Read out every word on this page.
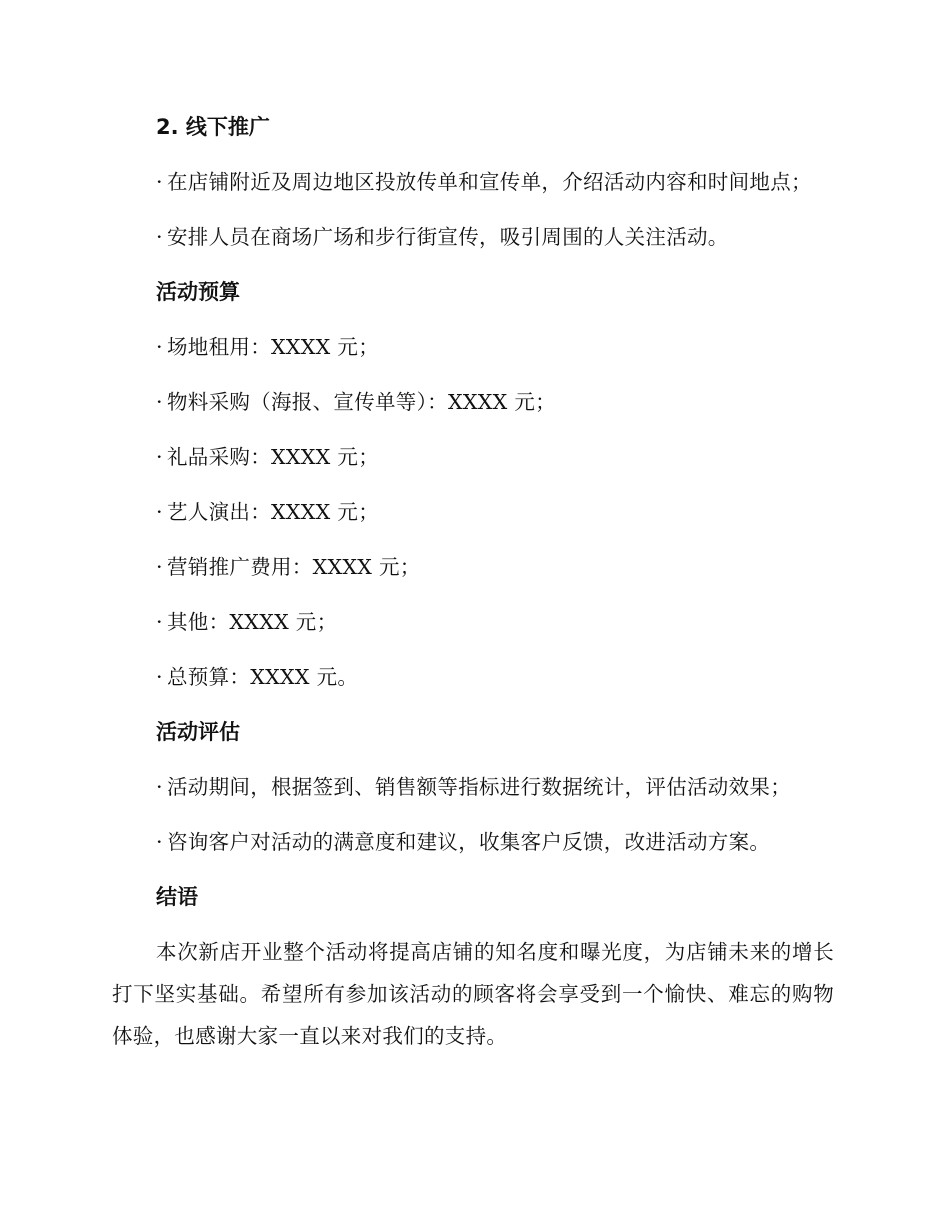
2. 线下推广
· 在店铺附近及周边地区投放传单和宣传单，介绍活动内容和时间地点；
· 安排人员在商场广场和步行街宣传，吸引周围的人关注活动。
活动预算
· 场地租用：XXXX 元；
· 物料采购（海报、宣传单等）：XXXX 元；
· 礼品采购：XXXX 元；
· 艺人演出：XXXX 元；
· 营销推广费用：XXXX 元；
· 其他：XXXX 元；
· 总预算：XXXX 元。
活动评估
· 活动期间，根据签到、销售额等指标进行数据统计，评估活动效果；
· 咨询客户对活动的满意度和建议，收集客户反馈，改进活动方案。
结语
本次新店开业整个活动将提高店铺的知名度和曝光度，为店铺未来的增长打下坚实基础。希望所有参加该活动的顾客将会享受到一个愉快、难忘的购物体验，也感谢大家一直以来对我们的支持。
